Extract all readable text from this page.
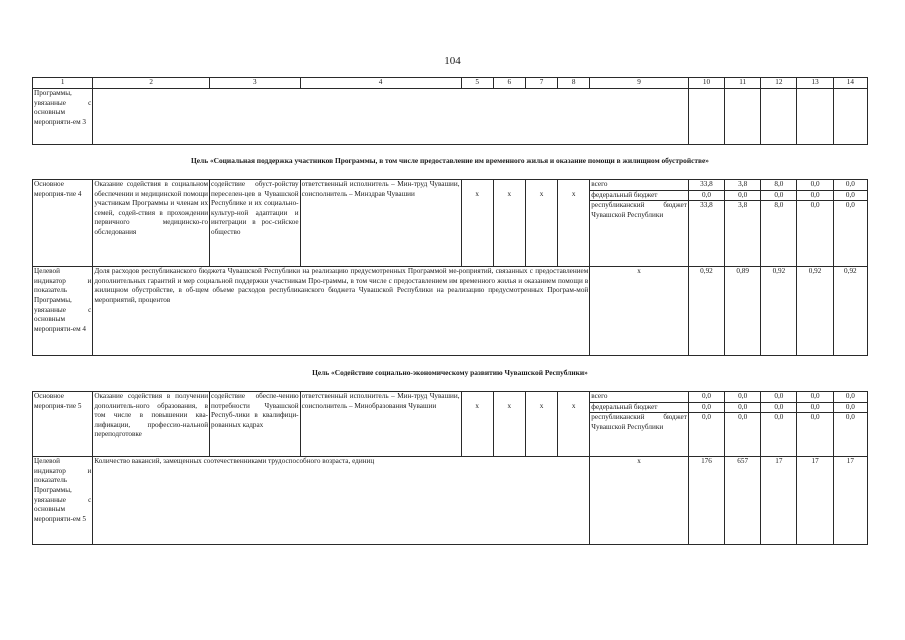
104
1	2	3	4	5	6	7	8	9	10	11	12	13	14
Программы, увязанные с основным мероприяти-ем 3													
Цель «Социальная поддержка участников Программы, в том числе предоставление им временного жилья и оказание помощи в жилищном обустройстве»
Основное мероприя-тие 4	Оказание содействия в социальном обеспечении и медицинской помощи участникам Программы и членам их семей, содей-ствия в прохождении первичного медицинско-го обследования	содействие обуст-ройству переселен-цев в Чувашской Республике и их социально-культур-ной адаптации и интеграции в рос-сийское общество	ответственный исполнитель – Мин-труд Чувашии, соисполнитель – Минздрав Чувашии	x	x	x	x	всего	33,8	3,8	8,0	0,0	0,0
								федеральный бюджет	0,0	0,0	0,0	0,0	0,0
								республиканский бюджет Чувашской Республики	33,8	3,8	8,0	0,0	0,0
Целевой индикатор и показатель Программы, увязанные с основным мероприяти-ем 4	Доля расходов республиканского бюджета Чувашской Республики на реализацию предусмотренных Программой ме-роприятий, связанных с предоставлением дополнительных гарантий и мер социальной поддержки участникам Про-граммы, в том числе с предоставлением им временного жилья и оказанием помощи в жилищном обустройстве, в об-щем объеме расходов республиканского бюджета Чувашской Республики на реализацию предусмотренных Програм-мой мероприятий, процентов							x	0,92	0,89	0,92	0,92	0,92
Цель «Содействие социально-экономическому развитию Чувашской Республики»
Основное мероприя-тие 5	Оказание содействия в получении дополнитель-ного образования, в том числе в повышении ква-лификации, профессио-нальной переподготовке	содействие обеспе-чению потребности Чувашской Респуб-лики в квалифици-рованных кадрах	ответственный исполнитель – Мин-труд Чувашии, соисполнитель – Минобразования Чувашии	x	x	x	x	всего	0,0	0,0	0,0	0,0	0,0
								федеральный бюджет	0,0	0,0	0,0	0,0	0,0
								республиканский бюджет Чувашской Республики	0,0	0,0	0,0	0,0	0,0
Целевой индикатор и показатель Программы, увязанные с основным мероприяти-ем 5	Количество вакансий, замещенных соотечественниками трудоспособного возраста, единиц							x	176	657	17	17	17
